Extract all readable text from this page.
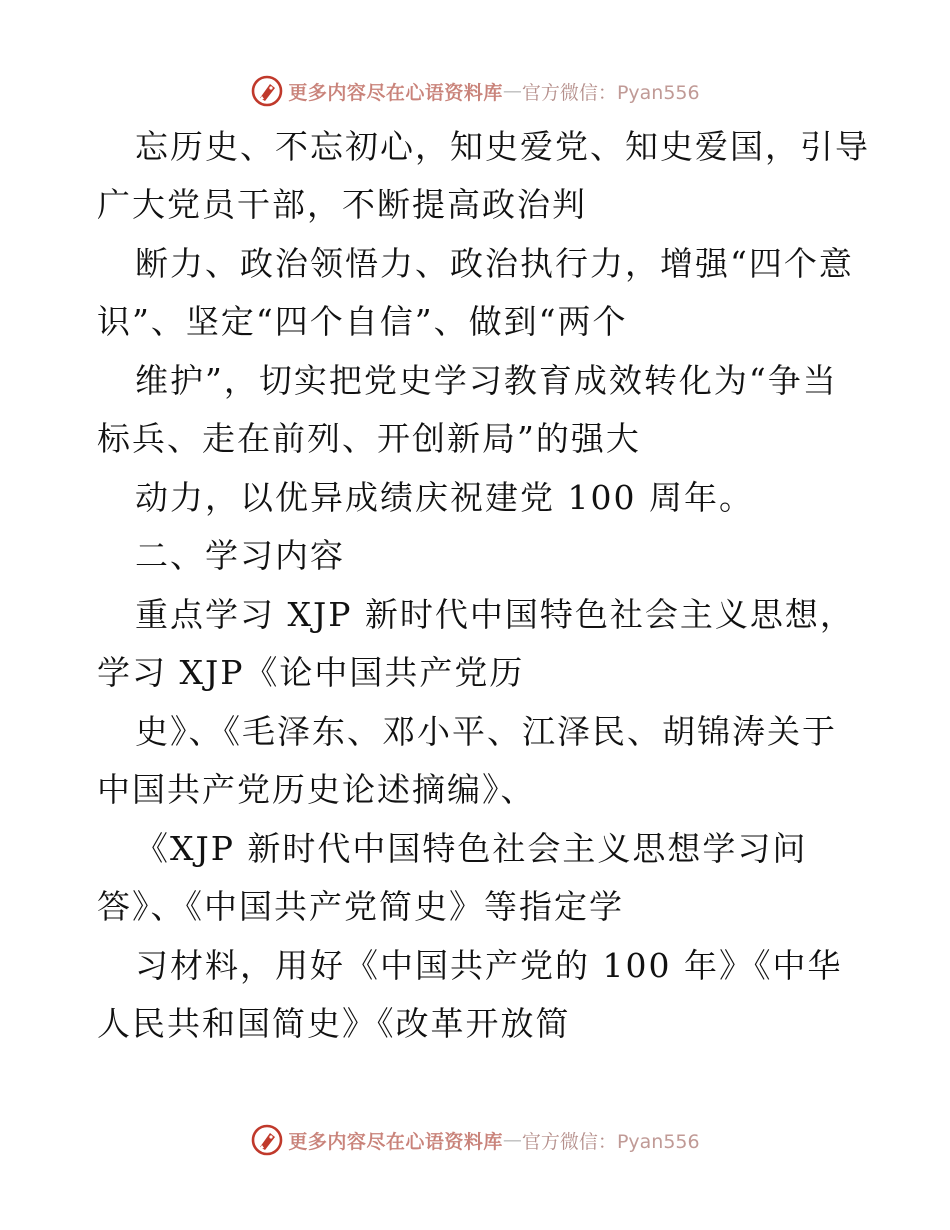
更多内容尽在心语资料库 — 官方微信：Pyan556
忘历史、不忘初心，知史爱党、知史爱国，引导
广大党员干部，不断提高政治判
断力、政治领悟力、政治执行力，增强“四个意
识”、坚定“四个自信”、做到“两个
维护”，切实把党史学习教育成效转化为“争当
标兵、走在前列、开创新局”的强大
动力，以优异成绩庆祝建党 100 周年。
二、学习内容
重点学习 XJP 新时代中国特色社会主义思想，
学习 XJP《论中国共产党历
史》、《毛泽东、邓小平、江泽民、胡锦涛关于
中国共产党历史论述摘编》、
《XJP 新时代中国特色社会主义思想学习问
答》、《中国共产党简史》等指定学
习材料，用好《中国共产党的 100 年》《中华
人民共和国简史》《改革开放简
更多内容尽在心语资料库 — 官方微信：Pyan556
